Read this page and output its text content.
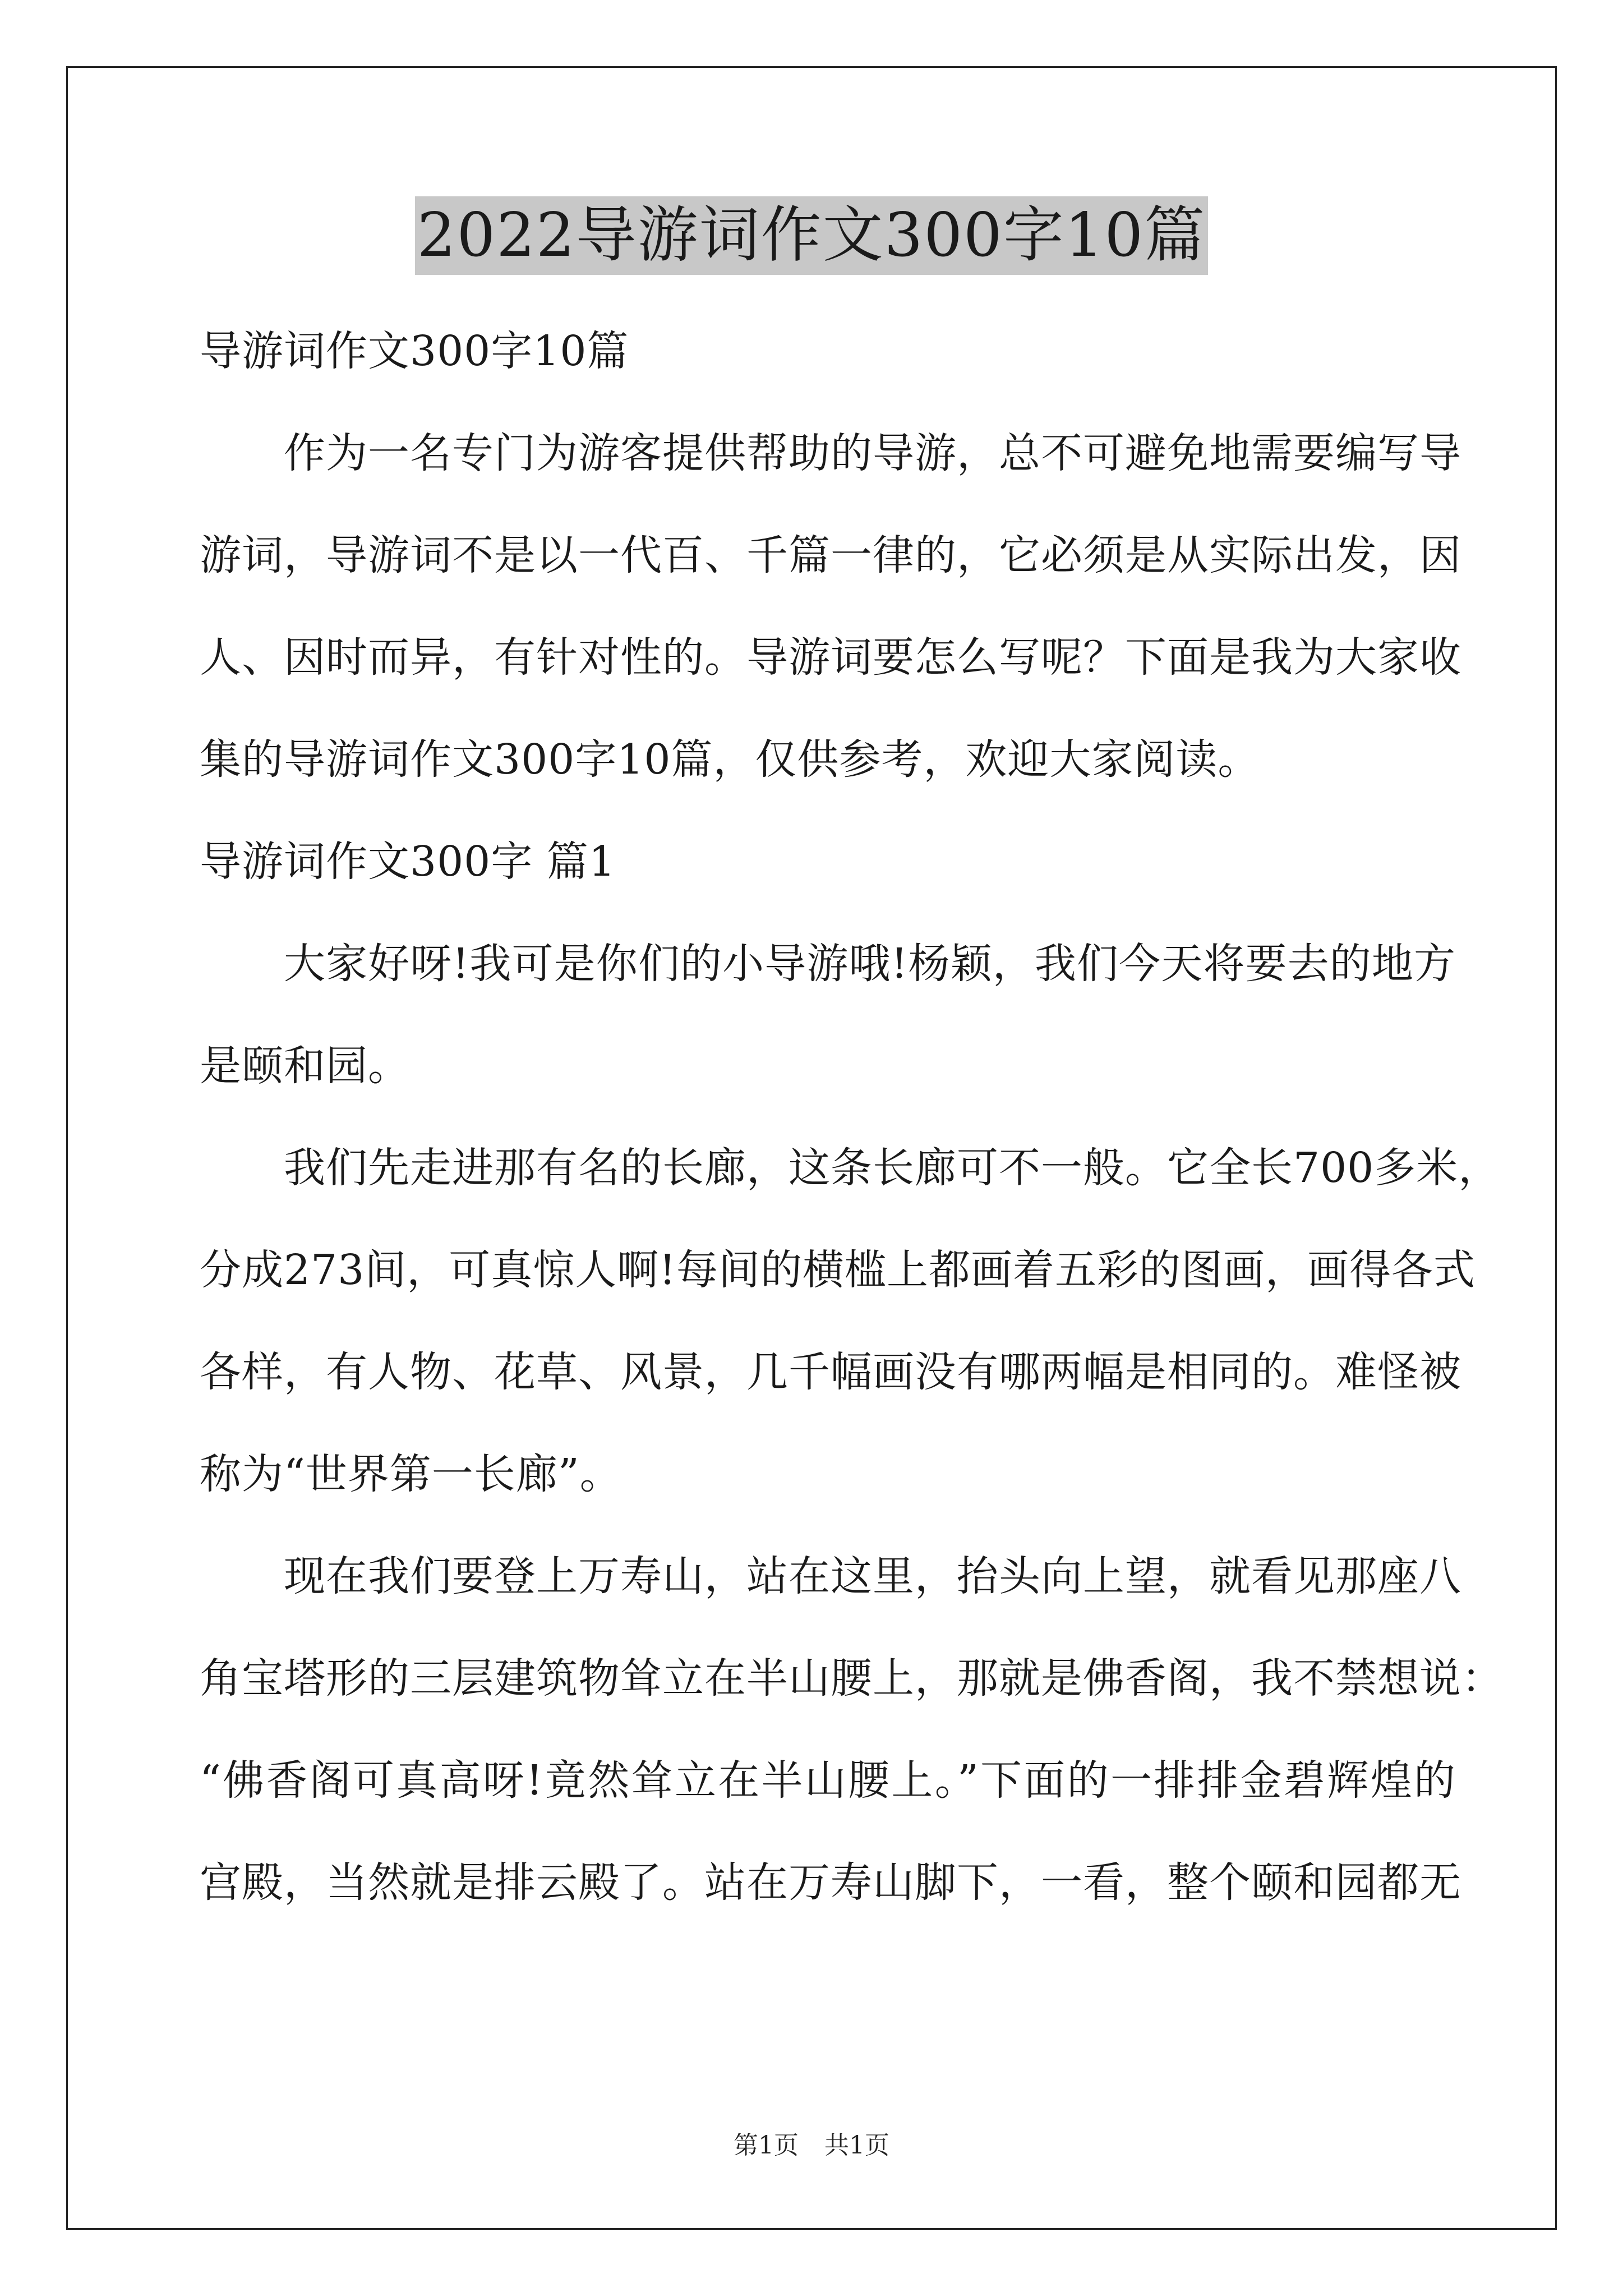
2022导游词作文300字10篇
导游词作文300字10篇
作为一名专门为游客提供帮助的导游，总不可避免地需要编写导
游词，导游词不是以一代百、千篇一律的，它必须是从实际出发，因
人、因时而异，有针对性的。导游词要怎么写呢？下面是我为大家收
集的导游词作文300字10篇，仅供参考，欢迎大家阅读。
导游词作文300字 篇1
大家好呀!我可是你们的小导游哦!杨颖，我们今天将要去的地方
是颐和园。
我们先走进那有名的长廊，这条长廊可不一般。它全长700多米，
分成273间，可真惊人啊!每间的横槛上都画着五彩的图画，画得各式
各样，有人物、花草、风景，几千幅画没有哪两幅是相同的。难怪被
称为“世界第一长廊”。
现在我们要登上万寿山，站在这里，抬头向上望，就看见那座八
角宝塔形的三层建筑物耸立在半山腰上，那就是佛香阁，我不禁想说：
“佛香阁可真高呀!竟然耸立在半山腰上。”下面的一排排金碧辉煌的
宫殿，当然就是排云殿了。站在万寿山脚下，一看，整个颐和园都无
第1页 共1页
